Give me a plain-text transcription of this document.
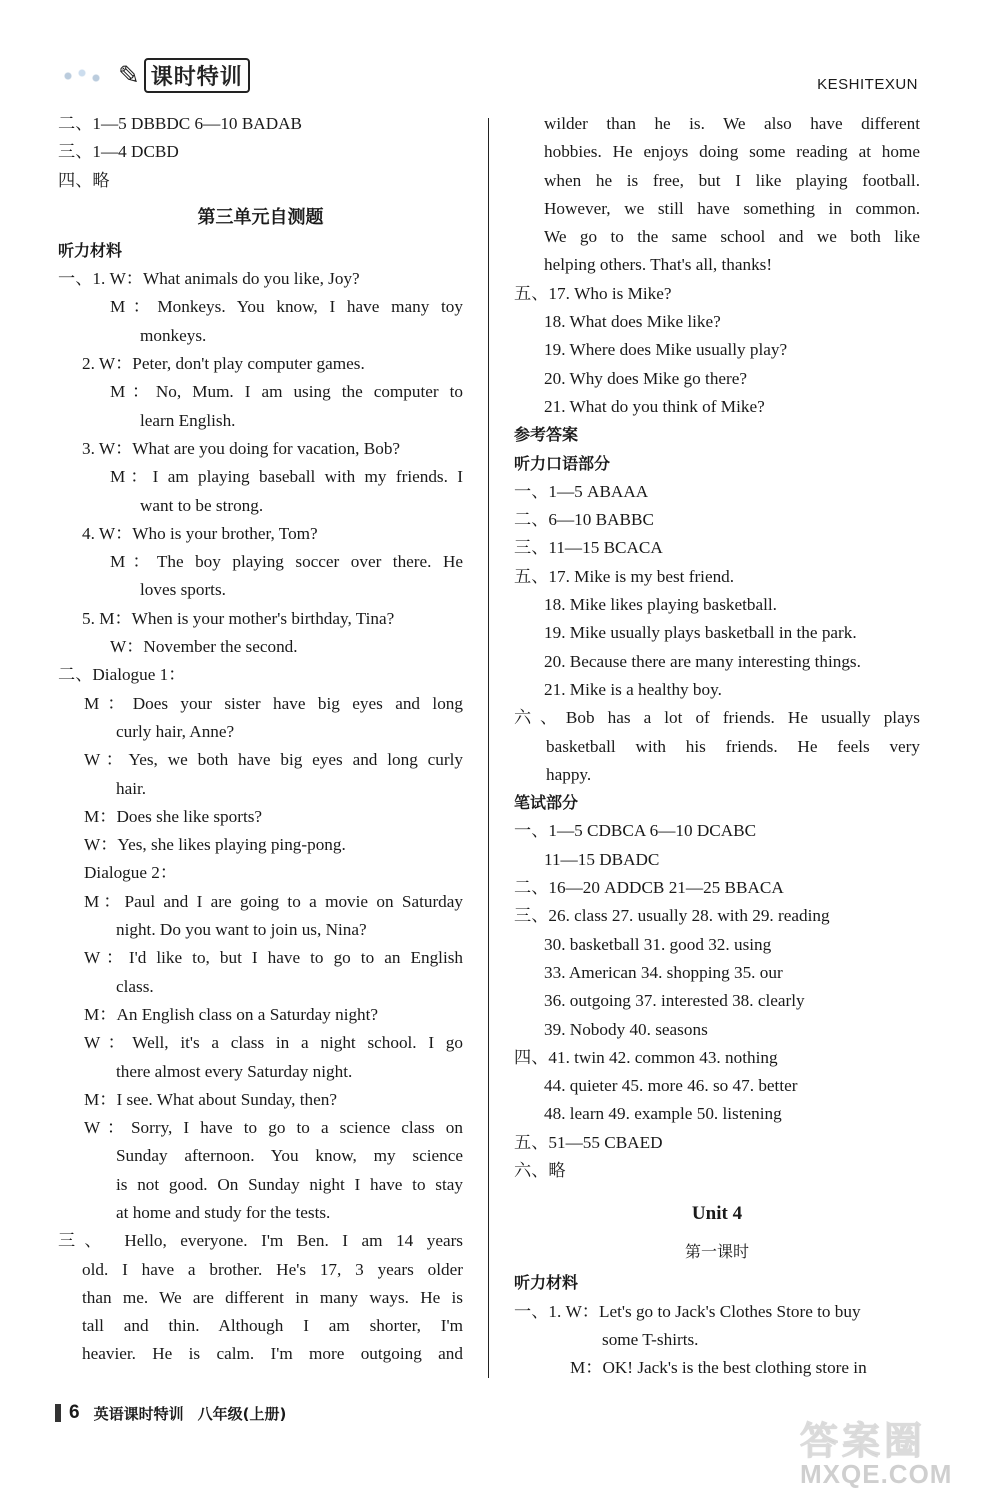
✎ 课时特训	KESHITEXUN
二、1—5 DBBDC 6—10 BADAB
三、1—4 DCBD
四、略
第三单元自测题
听力材料
一、1. W：What animals do you like, Joy?
M：Monkeys. You know, I have many toy
monkeys.
2. W：Peter, don't play computer games.
M：No, Mum. I am using the computer to
learn English.
3. W：What are you doing for vacation, Bob?
M：I am playing baseball with my friends. I
want to be strong.
4. W：Who is your brother, Tom?
M：The boy playing soccer over there. He
loves sports.
5. M：When is your mother's birthday, Tina?
W：November the second.
二、Dialogue 1：
M：Does your sister have big eyes and long
curly hair, Anne?
W：Yes, we both have big eyes and long curly
hair.
M：Does she like sports?
W：Yes, she likes playing ping-pong.
Dialogue 2：
M：Paul and I are going to a movie on Saturday
night. Do you want to join us, Nina?
W：I'd like to, but I have to go to an English
class.
M：An English class on a Saturday night?
W：Well, it's a class in a night school. I go
there almost every Saturday night.
M：I see. What about Sunday, then?
W：Sorry, I have to go to a science class on
Sunday afternoon. You know, my science
is not good. On Sunday night I have to stay
at home and study for the tests.
三、 Hello, everyone. I'm Ben. I am 14 years
old. I have a brother. He's 17, 3 years older
than me. We are different in many ways. He is
tall and thin. Although I am shorter, I'm
heavier. He is calm. I'm more outgoing and
wilder than he is. We also have different
hobbies. He enjoys doing some reading at home
when he is free, but I like playing football.
However, we still have something in common.
We go to the same school and we both like
helping others. That's all, thanks!
五、17. Who is Mike?
18. What does Mike like?
19. Where does Mike usually play?
20. Why does Mike go there?
21. What do you think of Mike?
参考答案
听力口语部分
一、1—5 ABAAA
二、6—10 BABBC
三、11—15 BCACA
五、17. Mike is my best friend.
18. Mike likes playing basketball.
19. Mike usually plays basketball in the park.
20. Because there are many interesting things.
21. Mike is a healthy boy.
六、Bob has a lot of friends. He usually plays
basketball with his friends. He feels very
happy.
笔试部分
一、1—5 CDBCA 6—10 DCABC
11—15 DBADC
二、16—20 ADDCB 21—25 BBACA
三、26. class 27. usually 28. with 29. reading
30. basketball 31. good 32. using
33. American 34. shopping 35. our
36. outgoing 37. interested 38. clearly
39. Nobody 40. seasons
四、41. twin 42. common 43. nothing
44. quieter 45. more 46. so 47. better
48. learn 49. example 50. listening
五、51—55 CBAED
六、略
Unit 4
第一课时
听力材料
一、1. W：Let's go to Jack's Clothes Store to buy
some T-shirts.
M：OK! Jack's is the best clothing store in
6 英语课时特训 八年级(上册)
答案圈
MXQE.COM
